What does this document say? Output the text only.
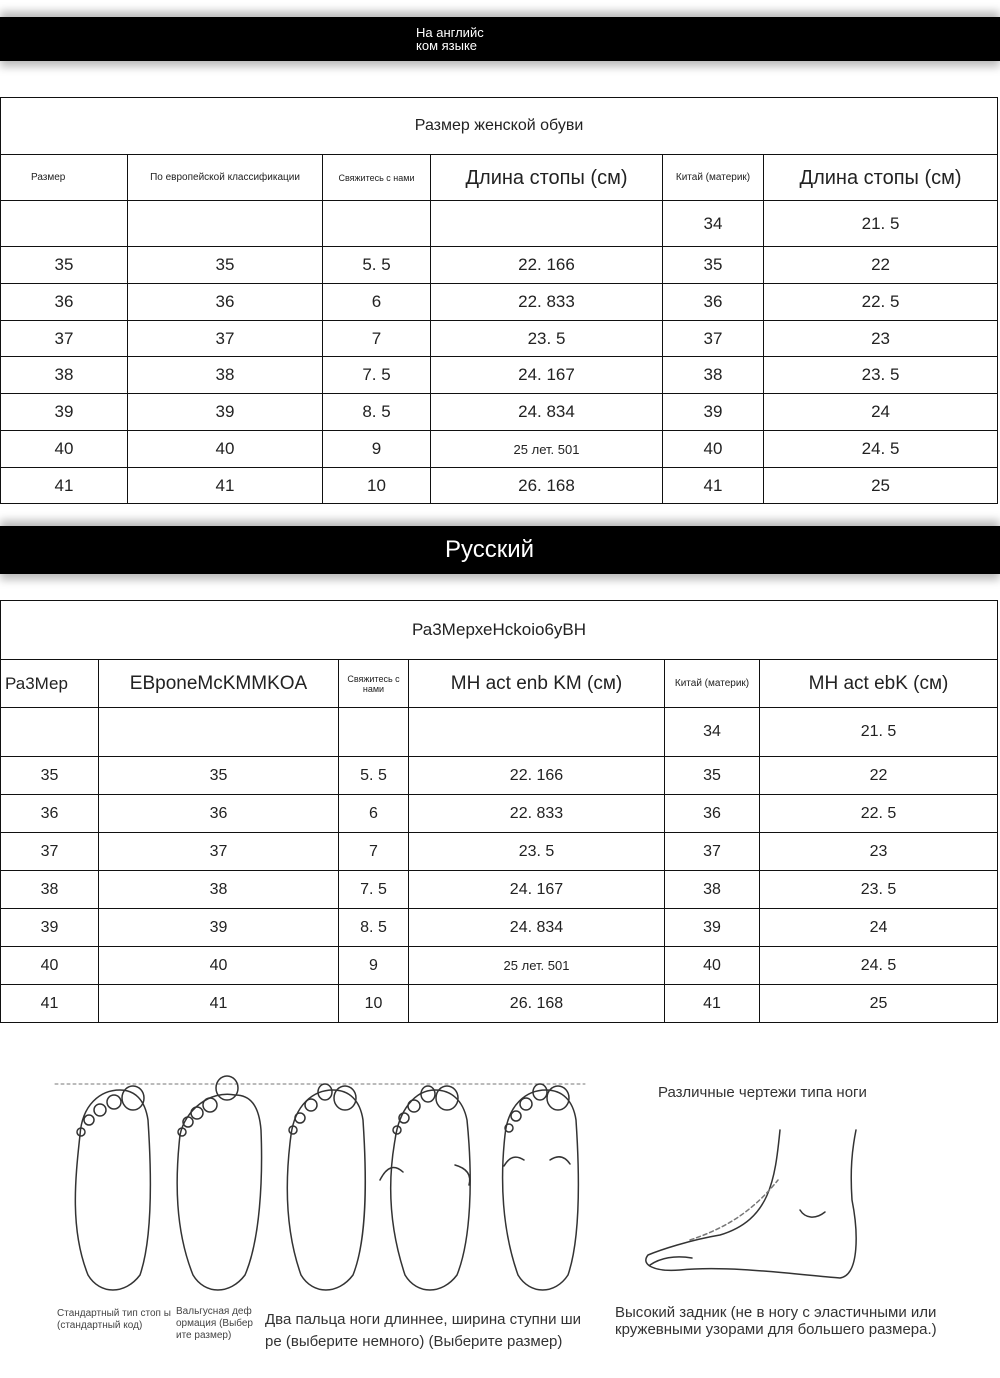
На английс
ком языке
Размер женской обуви					
Размер	По европейской классификации	Свяжитесь с нами	Длина стопы (см)	Китай (материк)	Длина стопы (см)
				34	21. 5
35	35	5. 5	22. 166	35	22
36	36	6	22. 833	36	22. 5
37	37	7	23. 5	37	23
38	38	7. 5	24. 167	38	23. 5
39	39	8. 5	24. 834	39	24
40	40	9	25 лет. 501	40	24. 5
41	41	10	26. 168	41	25
Русский
Ра3МерхеНсkoio6уВН					
Ра3Мер	ЕВponeMcKMMKOA	Свяжитесь с нами	МН act enb KM (см)	Китай (материк)	МН act ebK (см)
				34	21. 5
35	35	5. 5	22. 166	35	22
36	36	6	22. 833	36	22. 5
37	37	7	23. 5	37	23
38	38	7. 5	24. 167	38	23. 5
39	39	8. 5	24. 834	39	24
40	40	9	25 лет. 501	40	24. 5
41	41	10	26. 168	41	25
Стандартный тип стоп ы (стандартный код)
Вальгусная деф ормация (Выбер ите размер)
Два пальца ноги длиннее, ширина ступни ши ре (выберите немного) (Выберите размер)
Различные чертежи типа ноги
Высокий задник (не в ногу с эластичными или кружевными узорами для большего размера.)
